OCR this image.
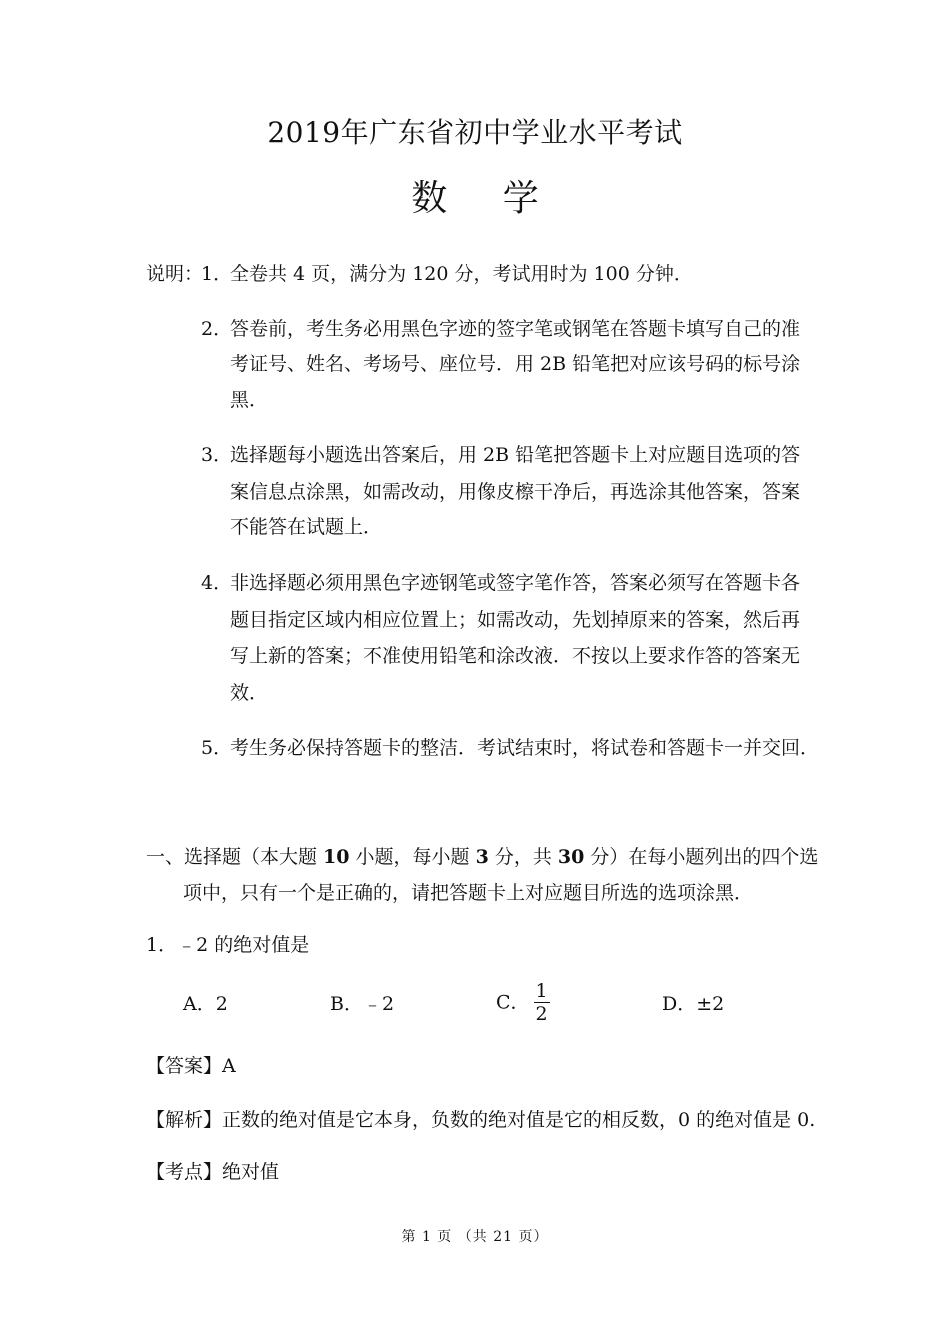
2019年广东省初中学业水平考试
数 学
说明：
1．
全卷共 4 页，满分为 120 分，考试用时为 100 分钟．
2．
答卷前，考生务必用黑色字迹的签字笔或钢笔在答题卡填写自己的准
考证号、姓名、考场号、座位号．用 2B 铅笔把对应该号码的标号涂
黑．
3．
选择题每小题选出答案后，用 2B 铅笔把答题卡上对应题目选项的答
案信息点涂黑，如需改动，用像皮檫干净后，再选涂其他答案，答案
不能答在试题上．
4．
非选择题必须用黑色字迹钢笔或签字笔作答，答案必须写在答题卡各
题目指定区域内相应位置上；如需改动，先划掉原来的答案，然后再
写上新的答案；不准使用铅笔和涂改液．不按以上要求作答的答案无
效．
5．
考生务必保持答题卡的整洁．考试结束时，将试卷和答题卡一并交回．
一、选择题（本大题 10 小题，每小题 3 分，共 30 分）在每小题列出的四个选
项中，只有一个是正确的，请把答题卡上对应题目所选的选项涂黑．
1．﹣2 的绝对值是
A．2	B．﹣2	C． $\frac{1}{2}$	D．±2
【答案】A
【解析】正数的绝对值是它本身，负数的绝对值是它的相反数，0 的绝对值是 0.
【考点】绝对值
第 1 页 （共 21 页）
